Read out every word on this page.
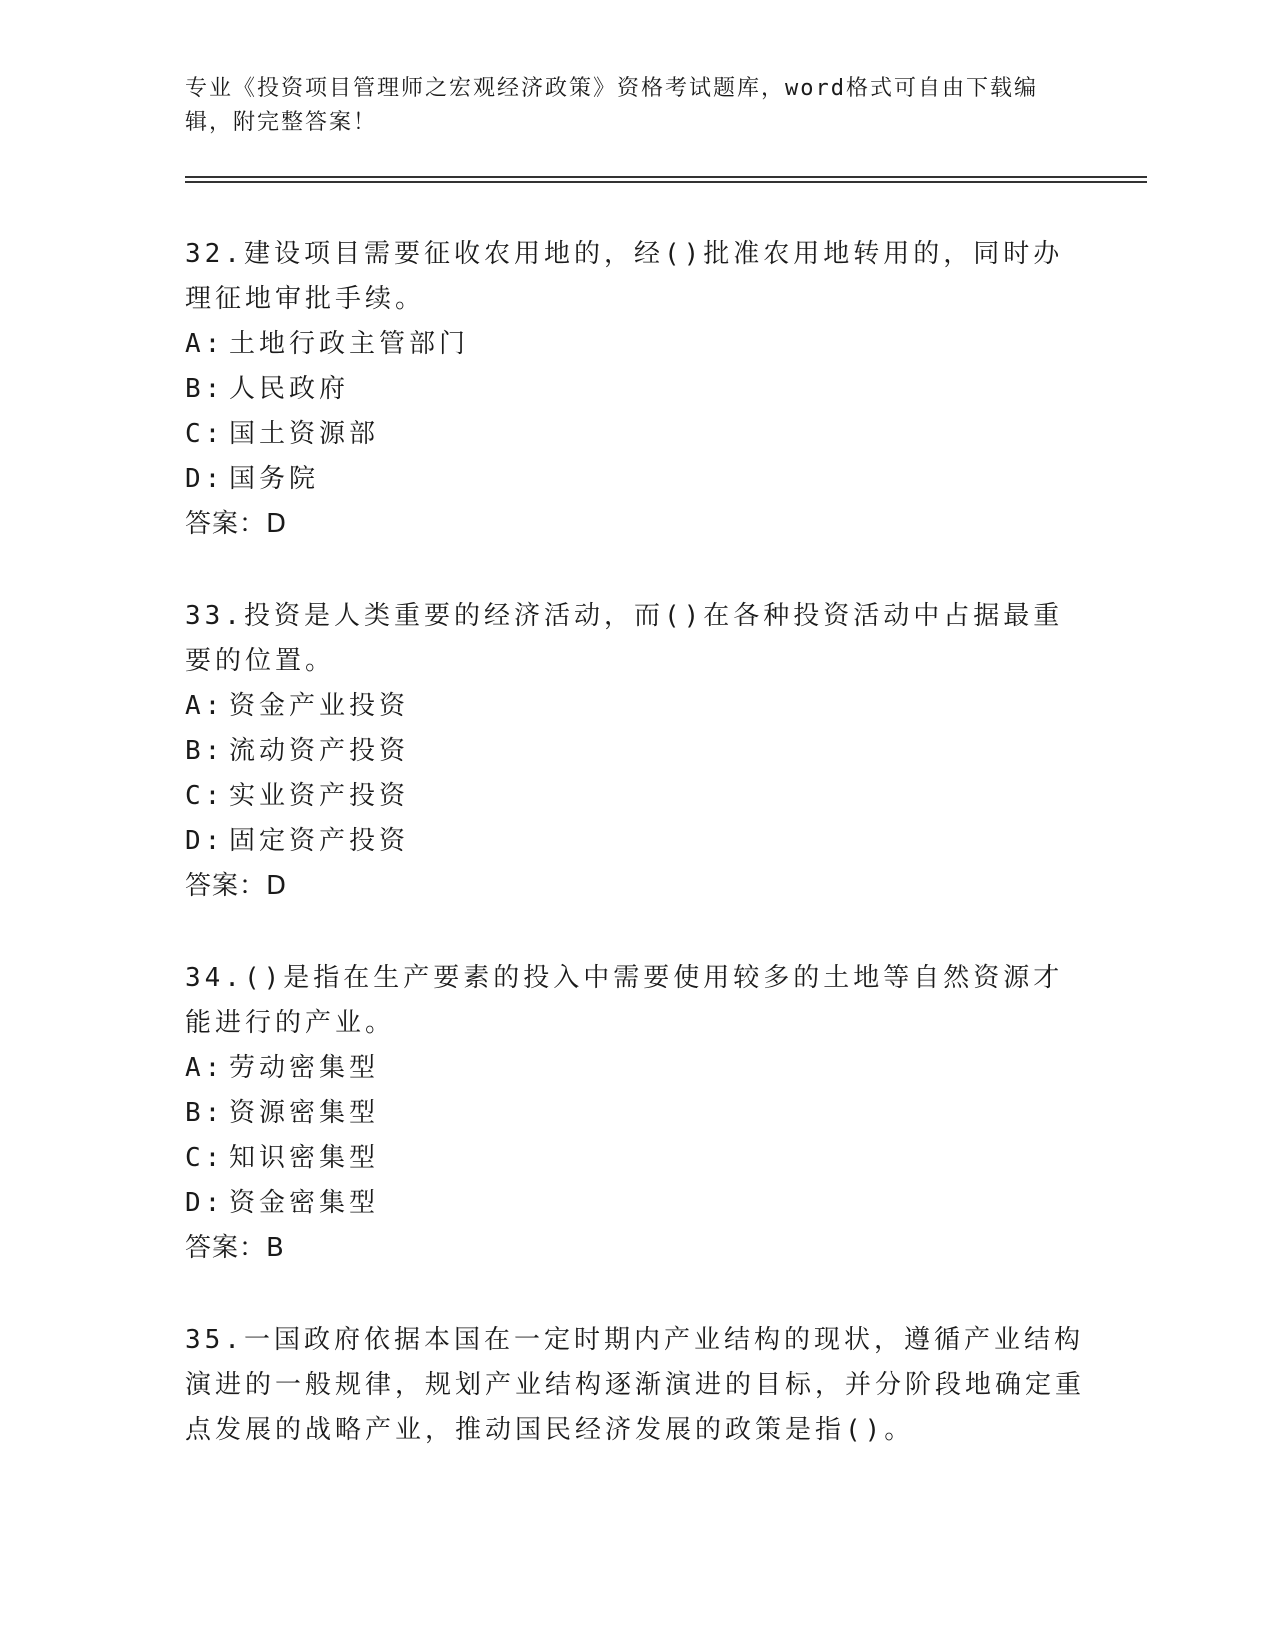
专业《投资项目管理师之宏观经济政策》资格考试题库，word格式可自由下载编辑，附完整答案！

32.建设项目需要征收农用地的，经()批准农用地转用的，同时办理征地审批手续。

A: 土地行政主管部门
B: 人民政府
C: 国土资源部
D: 国务院

答案：D

33.投资是人类重要的经济活动，而()在各种投资活动中占据最重要的位置。

A: 资金产业投资
B: 流动资产投资
C: 实业资产投资
D: 固定资产投资

答案：D

34.()是指在生产要素的投入中需要使用较多的土地等自然资源才能进行的产业。

A: 劳动密集型
B: 资源密集型
C: 知识密集型
D: 资金密集型

答案：B

35.一国政府依据本国在一定时期内产业结构的现状，遵循产业结构演进的一般规律，规划产业结构逐渐演进的目标，并分阶段地确定重点发展的战略产业，推动国民经济发展的政策是指()。
